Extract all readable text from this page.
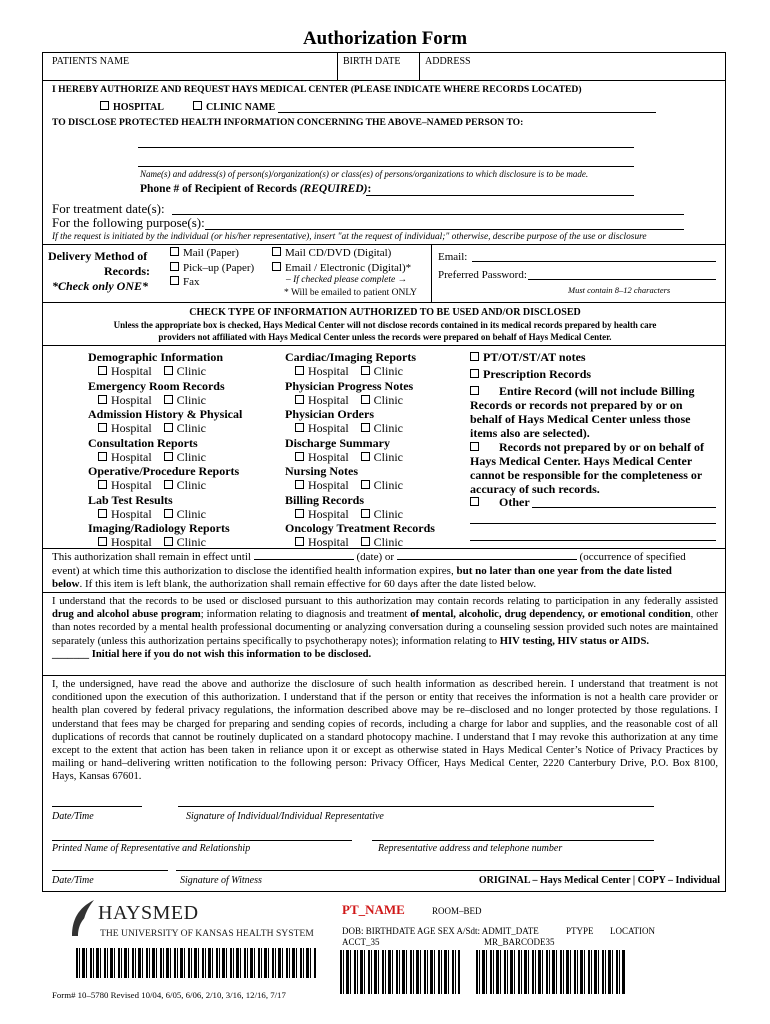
Authorization Form
PATIENTS NAME	BIRTH DATE ADDRESS
I HEREBY AUTHORIZE AND REQUEST HAYS MEDICAL CENTER (PLEASE INDICATE WHERE RECORDS LOCATED)
HOSPITAL	CLINIC NAME
TO DISCLOSE PROTECTED HEALTH INFORMATION CONCERNING THE ABOVE–NAMED PERSON TO:
Name(s) and address(s) of person(s)/organization(s) or class(es) of persons/organizations to which disclosure is to be made.
Phone # of Recipient of Records (REQUIRED):
For treatment date(s):
For the following purpose(s):
If the request is initiated by the individual (or his/her representative), insert "at the request of individual;" otherwise, describe purpose of the use or disclosure
Delivery Method of
Records:
*Check only ONE*
Mail (Paper)
Pick–up (Paper)
Fax
Mail CD/DVD (Digital)
Email / Electronic (Digital)*
– If checked please complete →
* Will be emailed to patient ONLY
Email:
Preferred Password:
Must contain 8–12 characters
CHECK TYPE OF INFORMATION AUTHORIZED TO BE USED AND/OR DISCLOSED
Unless the appropriate box is checked, Hays Medical Center will not disclose records contained in its medical records prepared by health care
providers not affiliated with Hays Medical Center unless the records were prepared on behalf of Hays Medical Center.
Demographic Information
Hospital Clinic
Emergency Room Records
Hospital Clinic
Admission History & Physical
Hospital Clinic
Consultation Reports
Hospital Clinic
Operative/Procedure Reports
Hospital Clinic
Lab Test Results
Hospital Clinic
Imaging/Radiology Reports
Hospital Clinic
Cardiac/Imaging Reports
Hospital Clinic
Physician Progress Notes
Hospital Clinic
Physician Orders
Hospital Clinic
Discharge Summary
Hospital Clinic
Nursing Notes
Hospital Clinic
Billing Records
Hospital Clinic
Oncology Treatment Records
Hospital Clinic
PT/OT/ST/AT notes
Prescription Records
Entire Record (will not include Billing Records or records not prepared by or on behalf of Hays Medical Center unless those items also are selected).
Records not prepared by or on behalf of Hays Medical Center. Hays Medical Center cannot be responsible for the completeness or accuracy of such records.
Other
This authorization shall remain in effect until	(date) or	(occurrence of specified
event) at which time this authorization to disclose the identified health information expires, but no later than one year from the date listed
below. If this item is left blank, the authorization shall remain effective for 60 days after the date listed below.
I understand that the records to be used or disclosed pursuant to this authorization may contain records relating to participation in any federally assisted drug and alcohol abuse program; information relating to diagnosis and treatment of mental, alcoholic, drug dependency, or emotional condition, other than notes recorded by a mental health professional documenting or analyzing conversation during a counseling session provided such notes are maintained separately (unless this authorization pertains specifically to psychotherapy notes); information relating to HIV testing, HIV status or AIDS.
_______ Initial here if you do not wish this information to be disclosed.
I, the undersigned, have read the above and authorize the disclosure of such health information as described herein. I understand that treatment is not conditioned upon the execution of this authorization. I understand that if the person or entity that receives the information is not a health care provider or health plan covered by federal privacy regulations, the information described above may be re–disclosed and no longer protected by those regulations. I understand that fees may be charged for preparing and sending copies of records, including a charge for labor and supplies, and the reasonable cost of all duplications of records that cannot be routinely duplicated on a standard photocopy machine. I understand that I may revoke this authorization at any time except to the extent that action has been taken in reliance upon it or except as otherwise stated in Hays Medical Center’s Notice of Privacy Practices by mailing or hand–delivering written notification to the following person: Privacy Officer, Hays Medical Center, 2220 Canterbury Drive, P.O. Box 8100, Hays, Kansas 67601.
Date/Time	Signature of Individual/Individual Representative
Printed Name of Representative and Relationship	Representative address and telephone number
Date/Time	Signature of Witness	ORIGINAL – Hays Medical Center | COPY – Individual
HAYSMED
THE UNIVERSITY OF KANSAS HEALTH SYSTEM
Form# 10–5780 Revised 10/04, 6/05, 6/06, 2/10, 3/16, 12/16, 7/17
PT_NAME	ROOM–BED
DOB: BIRTHDATE AGE SEX A/Sdt: ADMIT_DATE	PTYPE LOCATION
ACCT_35	MR_BARCODE35
